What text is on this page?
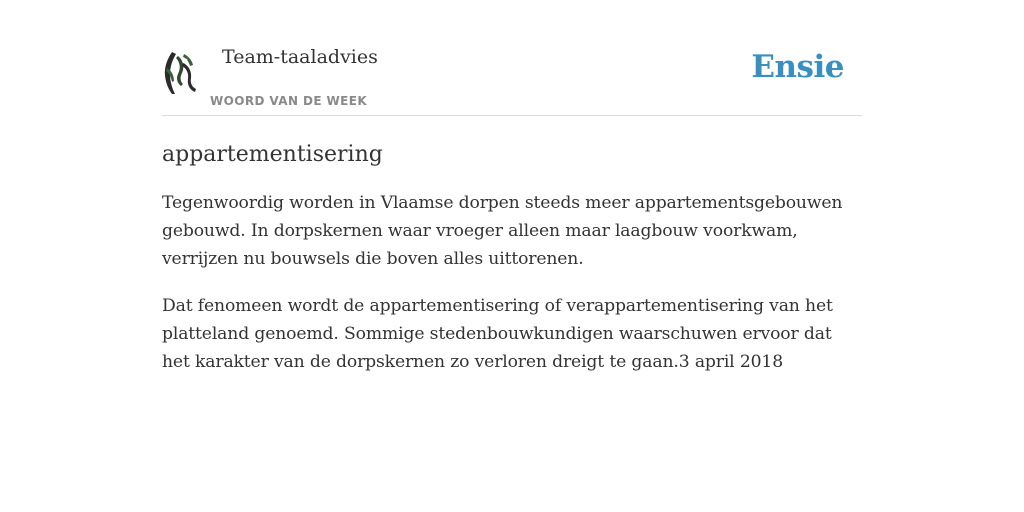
Team-taaladvies
WOORD VAN DE WEEK
Ensie
appartementisering

Tegenwoordig worden in Vlaamse dorpen steeds meer appartementsgebouwen gebouwd. In dorpskernen waar vroeger alleen maar laagbouw voorkwam, verrijzen nu bouwsels die boven alles uittorenen.

Dat fenomeen wordt de appartementisering of verappartementisering van het platteland genoemd. Sommige stedenbouwkundigen waarschuwen ervoor dat het karakter van de dorpskernen zo verloren dreigt te gaan.3 april 2018
